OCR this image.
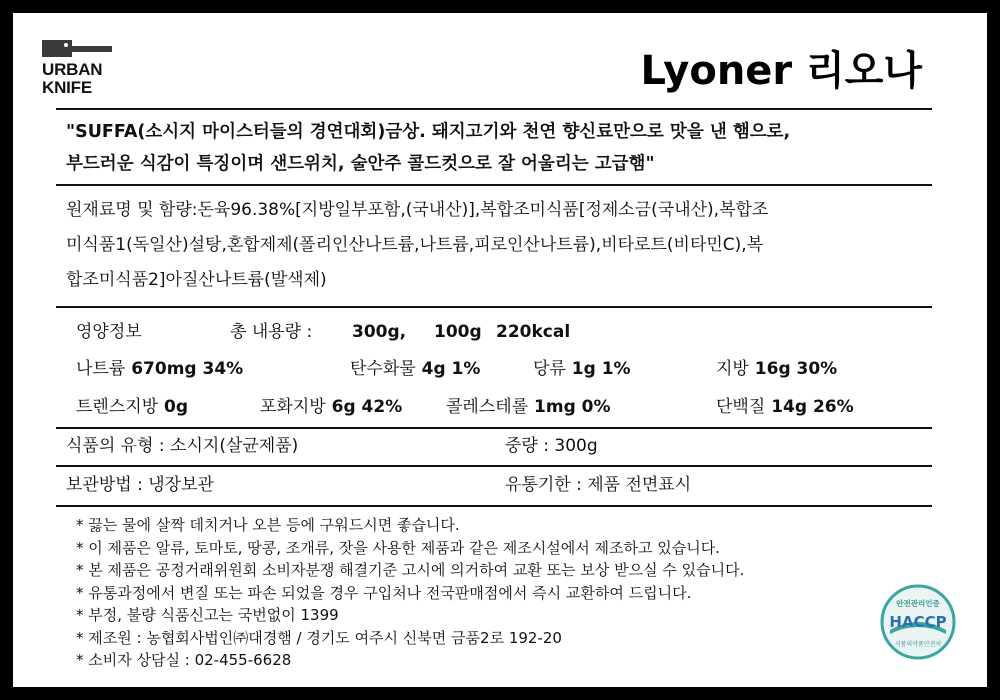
URBAN
KNIFE	Lyoner 리오나
"SUFFA(소시지 마이스터들의 경연대회)금상. 돼지고기와 천연 향신료만으로 맛을 낸 햄으로,
부드러운 식감이 특징이며 샌드위치, 술안주 콜드컷으로 잘 어울리는 고급햄"
원재료명 및 함량:돈육96.38%[지방일부포함,(국내산)],복합조미식품[정제소금(국내산),복합조
미식품1(독일산)설탕,혼합제제(폴리인산나트륨,나트륨,피로인산나트륨),비타로트(비타민C),복
합조미식품2]아질산나트륨(발색제)
영양정보	총 내용량 : 300g, 100g 220kcal
나트륨 670mg 34%	탄수화물 4g 1%	당류 1g 1%	지방 16g 30%
트렌스지방 0g	포화지방 6g 42%	콜레스테롤 1mg 0%	단백질 14g 26%
식품의 유형 : 소시지(살균제품)	중량 : 300g
보관방법 : 냉장보관	유통기한 : 제품 전면표시
* 끓는 물에 살짝 데치거나 오븐 등에 구워드시면 좋습니다.
* 이 제품은 알류, 토마토, 땅콩, 조개류, 잣을 사용한 제품과 같은 제조시설에서 제조하고 있습니다.
* 본 제품은 공정거래위원회 소비자분쟁 해결기준 고시에 의거하여 교환 또는 보상 받으실 수 있습니다.
* 유통과정에서 변질 또는 파손 되었을 경우 구입처나 전국판매점에서 즉시 교환하여 드립니다.
* 부정, 불량 식품신고는 국번없이 1399
* 제조원 : 농협회사법인㈜대경햄 / 경기도 여주시 신북면 금품2로 192-20
* 소비자 상담실 : 02-455-6628
안전관리인증
HACCP
식품의약품안전처
